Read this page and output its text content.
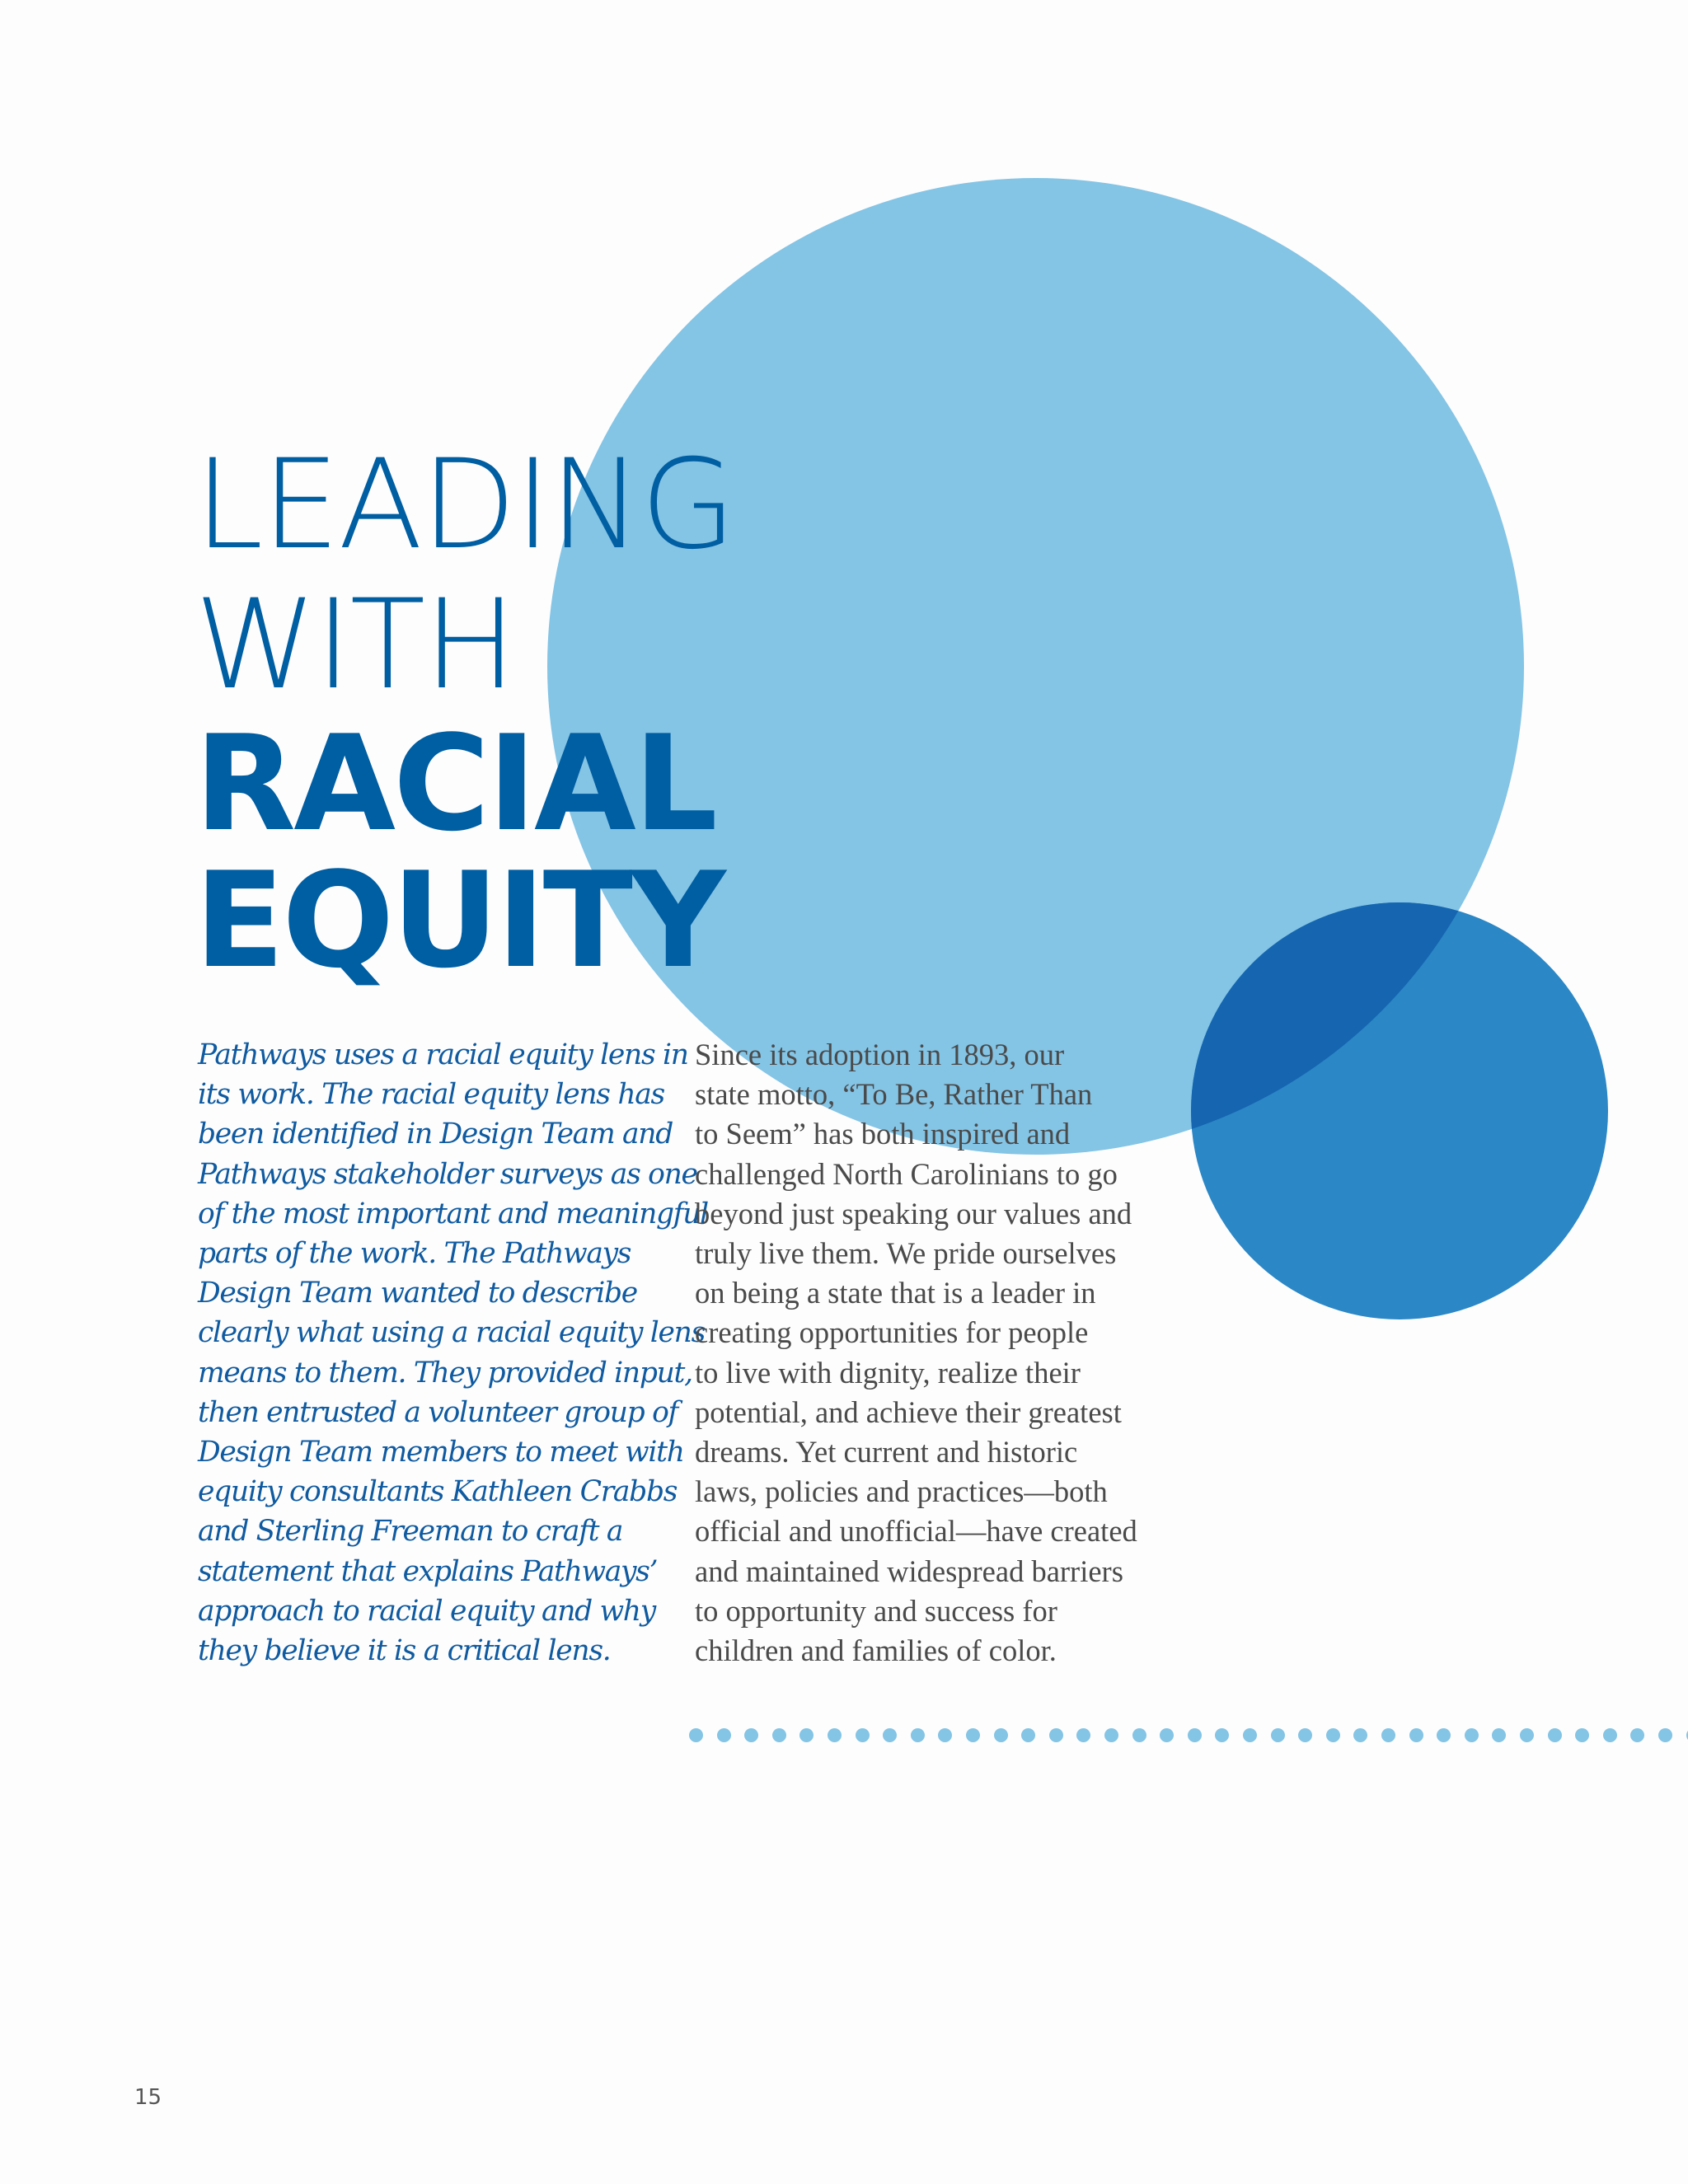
LEADING
WITH
RACIAL
EQUITY
Pathways uses a racial equity lens in
its work. The racial equity lens has
been identified in Design Team and
Pathways stakeholder surveys as one
of the most important and meaningful
parts of the work. The Pathways
Design Team wanted to describe
clearly what using a racial equity lens
means to them. They provided input,
then entrusted a volunteer group of
Design Team members to meet with
equity consultants Kathleen Crabbs
and Sterling Freeman to craft a
statement that explains Pathways’
approach to racial equity and why
they believe it is a critical lens.
Since its adoption in 1893, our
state motto, “To Be, Rather Than
to Seem” has both inspired and
challenged North Carolinians to go
beyond just speaking our values and
truly live them. We pride ourselves
on being a state that is a leader in
creating opportunities for people
to live with dignity, realize their
potential, and achieve their greatest
dreams. Yet current and historic
laws, policies and practices—both
official and unofficial—have created
and maintained widespread barriers
to opportunity and success for
children and families of color.
15
